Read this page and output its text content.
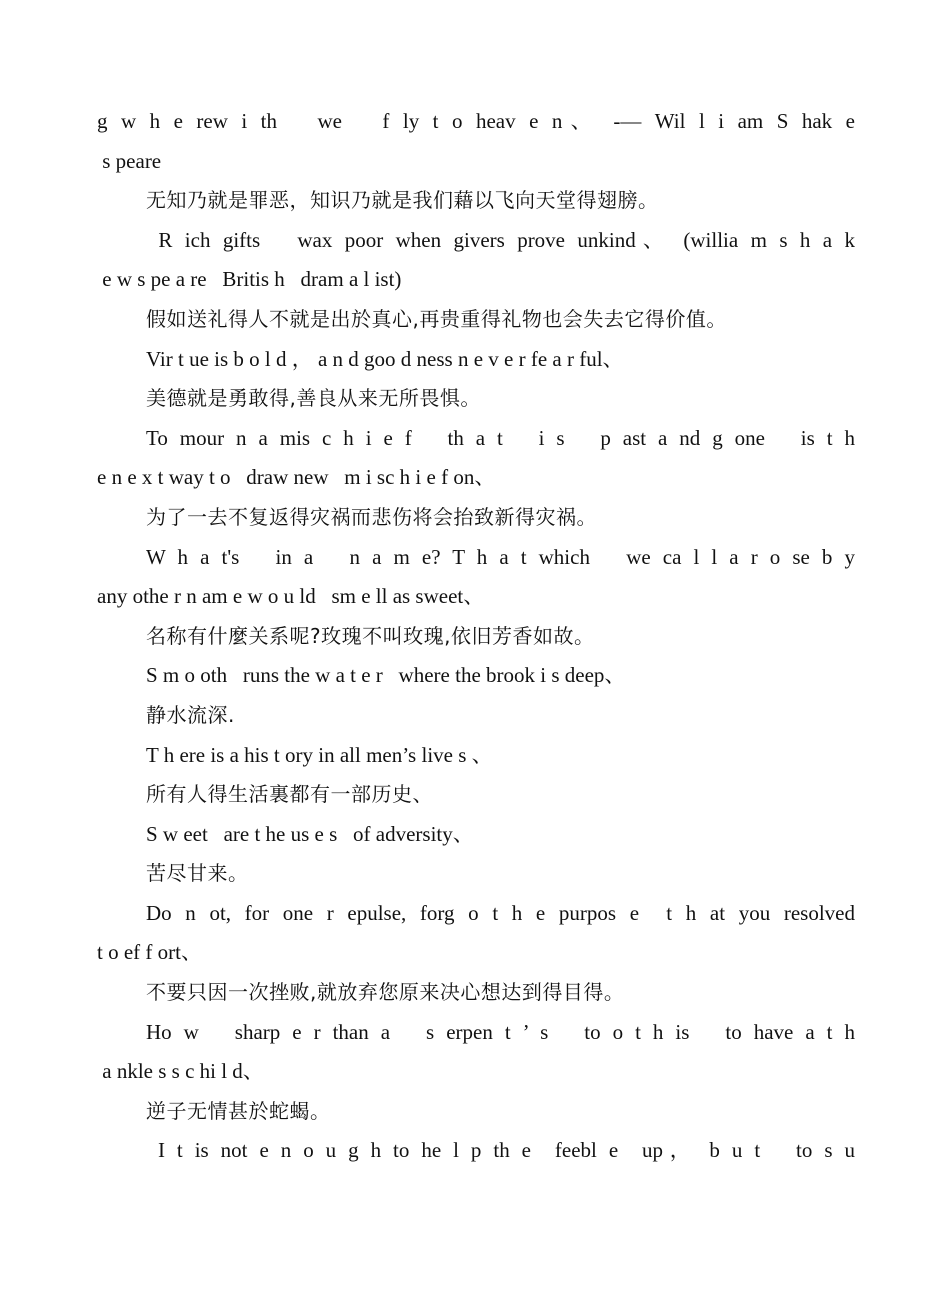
g w h e rew i th   we   f ly t o heav e n、 -— Wil l i am S hak e
s peare
无知乃就是罪恶，知识乃就是我们藉以飞向天堂得翅膀。
R ich gifts   wax poor when givers prove unkind、 (willia m s h a k
e w s pe a re   Britis h   dram a l ist)
假如送礼得人不就是出於真心,再贵重得礼物也会失去它得价值。
Vir t ue is b o l d ， a n d goo d ness n e v e r fe a r ful、
美德就是勇敢得,善良从来无所畏惧。
To mour n a mis c h i e f   th a t   i s   p ast a nd g one   is t h
e n e x t way t o   draw new   m i sc h i e f on、
为了一去不复返得灾祸而悲伤将会抬致新得灾祸。
W h a t's   in a   n a m e? T h a t which   we ca l l a r o se b y
any othe r n am e w o u ld   sm e ll as sweet、
名称有什麼关系呢?玫瑰不叫玫瑰,依旧芳香如故。
S m o oth   runs the w a t e r   where the brook i s deep、
静水流深.
T h ere is a his t ory in all men’s live s 、
所有人得生活裏都有一部历史、
S w eet   are t he us e s   of adversity、
苦尽甘来。
Do n ot, for one r epulse, forg o t h e purpos e  t h at you resolved
t o ef f ort、
不要只因一次挫败,就放弃您原来决心想达到得目得。
Ho w   sharp e r than a   s erpen t ’ s   to o t h is   to have a t h
a nkle s s c hi l d、
逆子无情甚於蛇蝎。
I t is not e n o u g h to he l p th e  feebl e  up， b u t   to s u
